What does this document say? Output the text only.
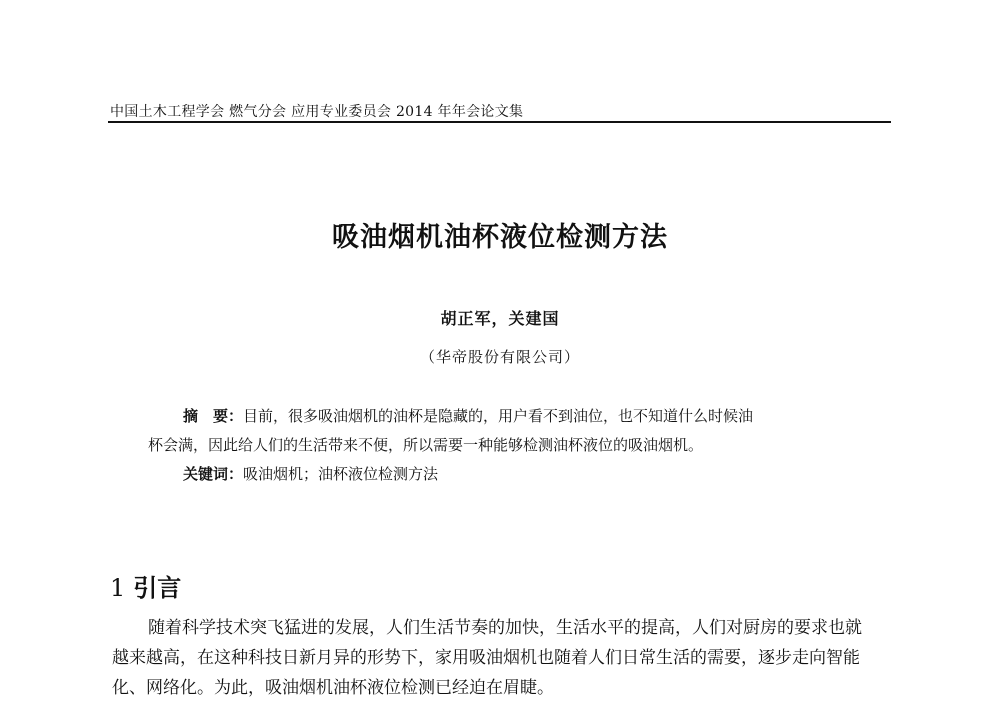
中国土木工程学会 燃气分会 应用专业委员会 2014 年年会论文集
吸油烟机油杯液位检测方法
胡正军，关建国
（华帝股份有限公司）
摘　要：目前，很多吸油烟机的油杯是隐藏的，用户看不到油位，也不知道什么时候油
杯会满，因此给人们的生活带来不便，所以需要一种能够检测油杯液位的吸油烟机。
关键词：吸油烟机；油杯液位检测方法
1 引言
随着科学技术突飞猛进的发展，人们生活节奏的加快，生活水平的提高，人们对厨房的要求也就
越来越高，在这种科技日新月异的形势下，家用吸油烟机也随着人们日常生活的需要，逐步走向智能
化、网络化。为此，吸油烟机油杯液位检测已经迫在眉睫。
